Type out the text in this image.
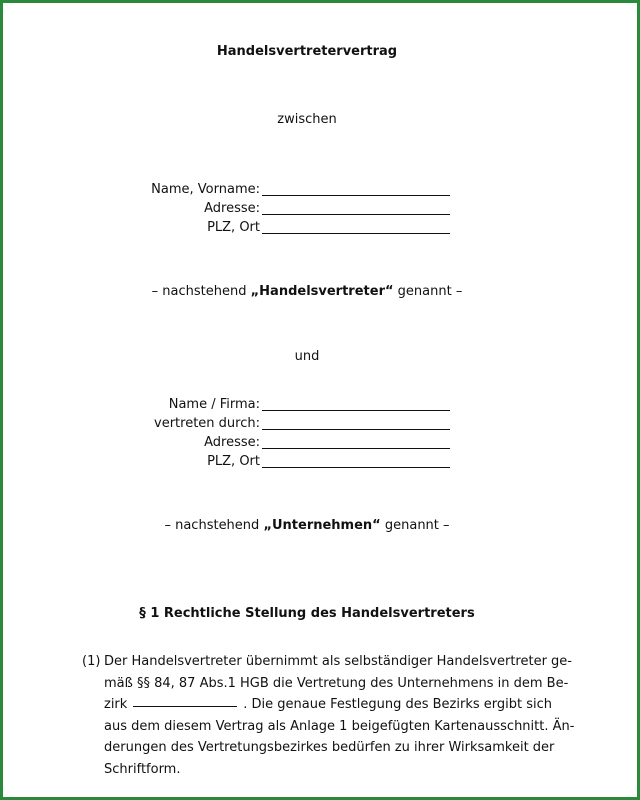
Handelsvertretervertrag
zwischen
Name, Vorname:
Adresse:
PLZ, Ort
– nachstehend „Handelsvertreter“ genannt –
und
Name / Firma:
vertreten durch:
Adresse:
PLZ, Ort
– nachstehend „Unternehmen“ genannt –
§ 1 Rechtliche Stellung des Handelsvertreters
(1) Der Handelsvertreter übernimmt als selbständiger Handelsvertreter ge-
mäß §§ 84, 87 Abs.1 HGB die Vertretung des Unternehmens in dem Be-
zirk	. Die genaue Festlegung des Bezirks ergibt sich
aus dem diesem Vertrag als Anlage 1 beigefügten Kartenausschnitt. Än-
derungen des Vertretungsbezirkes bedürfen zu ihrer Wirksamkeit der
Schriftform.
